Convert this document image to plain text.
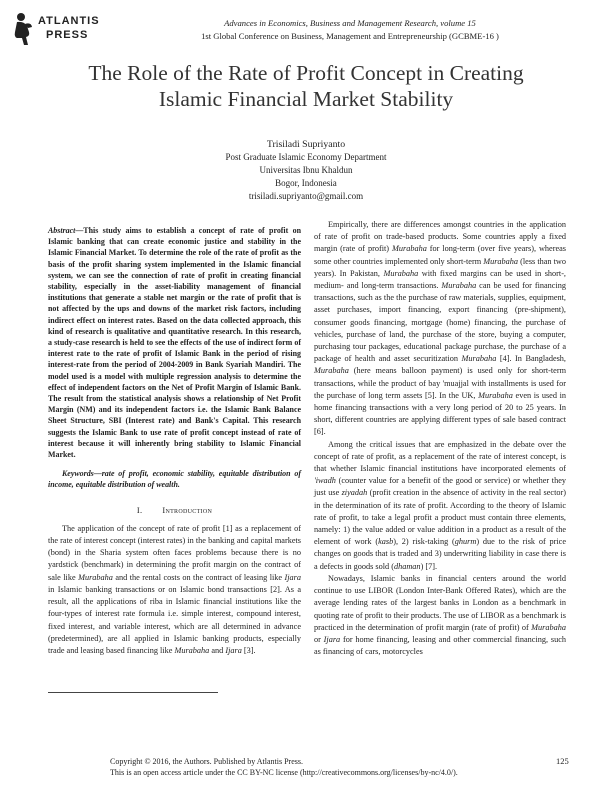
ATLANTIS
PRESS
Advances in Economics, Business and Management Research, volume 15
1st Global Conference on Business, Management and Entrepreneurship (GCBME-16 )
The Role of the Rate of Profit Concept in Creating
Islamic Financial Market Stability
Trisiladi Supriyanto
Post Graduate Islamic Economy Department
Universitas Ibnu Khaldun
Bogor, Indonesia
trisiladi.supriyanto@gmail.com

Abstract—This study aims to establish a concept of rate of profit on Islamic banking that can create economic justice and stability in the Islamic Financial Market. To determine the role of the rate of profit as the basis of the profit sharing system implemented in the Islamic financial system, we can see the connection of rate of profit in creating financial stability, especially in the asset-liability management of financial institutions that generate a stable net margin or the rate of profit that is not affected by the ups and downs of the market risk factors, including indirect effect on interest rates. Based on the data collected approach, this kind of research is qualitative and quantitative research. In this research, a study-case research is held to see the effects of the use of indirect form of interest rate to the rate of profit of Islamic Bank in the period of rising interest-rate from the period of 2004-2009 in Bank Syariah Mandiri. The model used is a model with multiple regression analysis to determine the effect of independent factors on the Net of Profit Margin of Islamic Bank. The result from the statistical analysis shows a relationship of Net Profit Margin (NM) and its independent factors i.e. the Islamic Bank Balance Sheet Structure, SBI (Interest rate) and Bank's Capital. This research suggests the Islamic Bank to use rate of profit concept instead of rate of interest because it will inherently bring stability to Islamic Financial Market.

Keywords—rate of profit, economic stability, equitable distribution of income, equitable distribution of wealth.

I. Introduction

The application of the concept of rate of profit [1] as a replacement of the rate of interest concept (interest rates) in the banking and capital markets (bond) in the Sharia system often faces problems because there is no yardstick (benchmark) in determining the profit margin on the contract of sale like Murabaha and the rental costs on the contract of leasing like Ijara in Islamic banking transactions or on Islamic bond transactions [2]. As a result, all the applications of riba in Islamic financial institutions like the four-types of interest rate formula i.e. simple interest, compound interest, fixed interest, and variable interest, which are all determined in advance (predetermined), are all applied in Islamic banking products, especially trade and leasing based financing like Murabaha and Ijara [3].

Empirically, there are differences amongst countries in the application of rate of profit on trade-based products. Some countries apply a fixed margin (rate of profit) Murabaha for long-term (over five years), whereas some other countries implemented only short-term Murabaha (less than two years). In Pakistan, Murabaha with fixed margins can be used in short-, medium- and long-term transactions. Murabaha can be used for financing transactions, such as the the purchase of raw materials, supplies, equipment, asset purchases, import financing, export financing (pre-shipment), consumer goods financing, mortgage (home) financing, the purchase of vehicles, purchase of land, the purchase of the store, buying a computer, purchasing tour packages, educational package purchase, the purchase of a package of health and asset securitization Murabaha [4]. In Bangladesh, Murabaha (here means balloon payment) is used only for short-term transactions, while the product of bay 'muajjal with installments is used for the purchase of long term assets [5]. In the UK, Murabaha even is used in home financing transactions with a very long period of 20 to 25 years. In short, different countries are applying different types of sale based contract [6].

Among the critical issues that are emphasized in the debate over the concept of rate of profit, as a replacement of the rate of interest concept, is that whether Islamic financial institutions have incorporated elements of 'iwadh (counter value for a benefit of the good or service) or whether they just use ziyadah (profit creation in the absence of activity in the real sector) in the determination of its rate of profit. According to the theory of Islamic rate of profit, to take a legal profit a product must contain three elements, namely: 1) the value added or value addition in a product as a result of the element of work (kasb), 2) risk-taking (ghurm) due to the risk of price changes on goods that is traded and 3) underwriting liability in case there is a defects in goods sold (dhaman) [7].

Nowadays, Islamic banks in financial centers around the world continue to use LIBOR (London Inter-Bank Offered Rates), which are the average lending rates of the largest banks in London as a benchmark in quoting rate of profit to their products. The use of LIBOR as a benchmark is practiced in the determination of profit margin (rate of profit) of Murabaha or Ijara for home financing, leasing and other commercial financing, such as financing of cars, motorcycles

Copyright © 2016, the Authors. Published by Atlantis Press.
This is an open access article under the CC BY-NC license (http://creativecommons.org/licenses/by-nc/4.0/).
125
